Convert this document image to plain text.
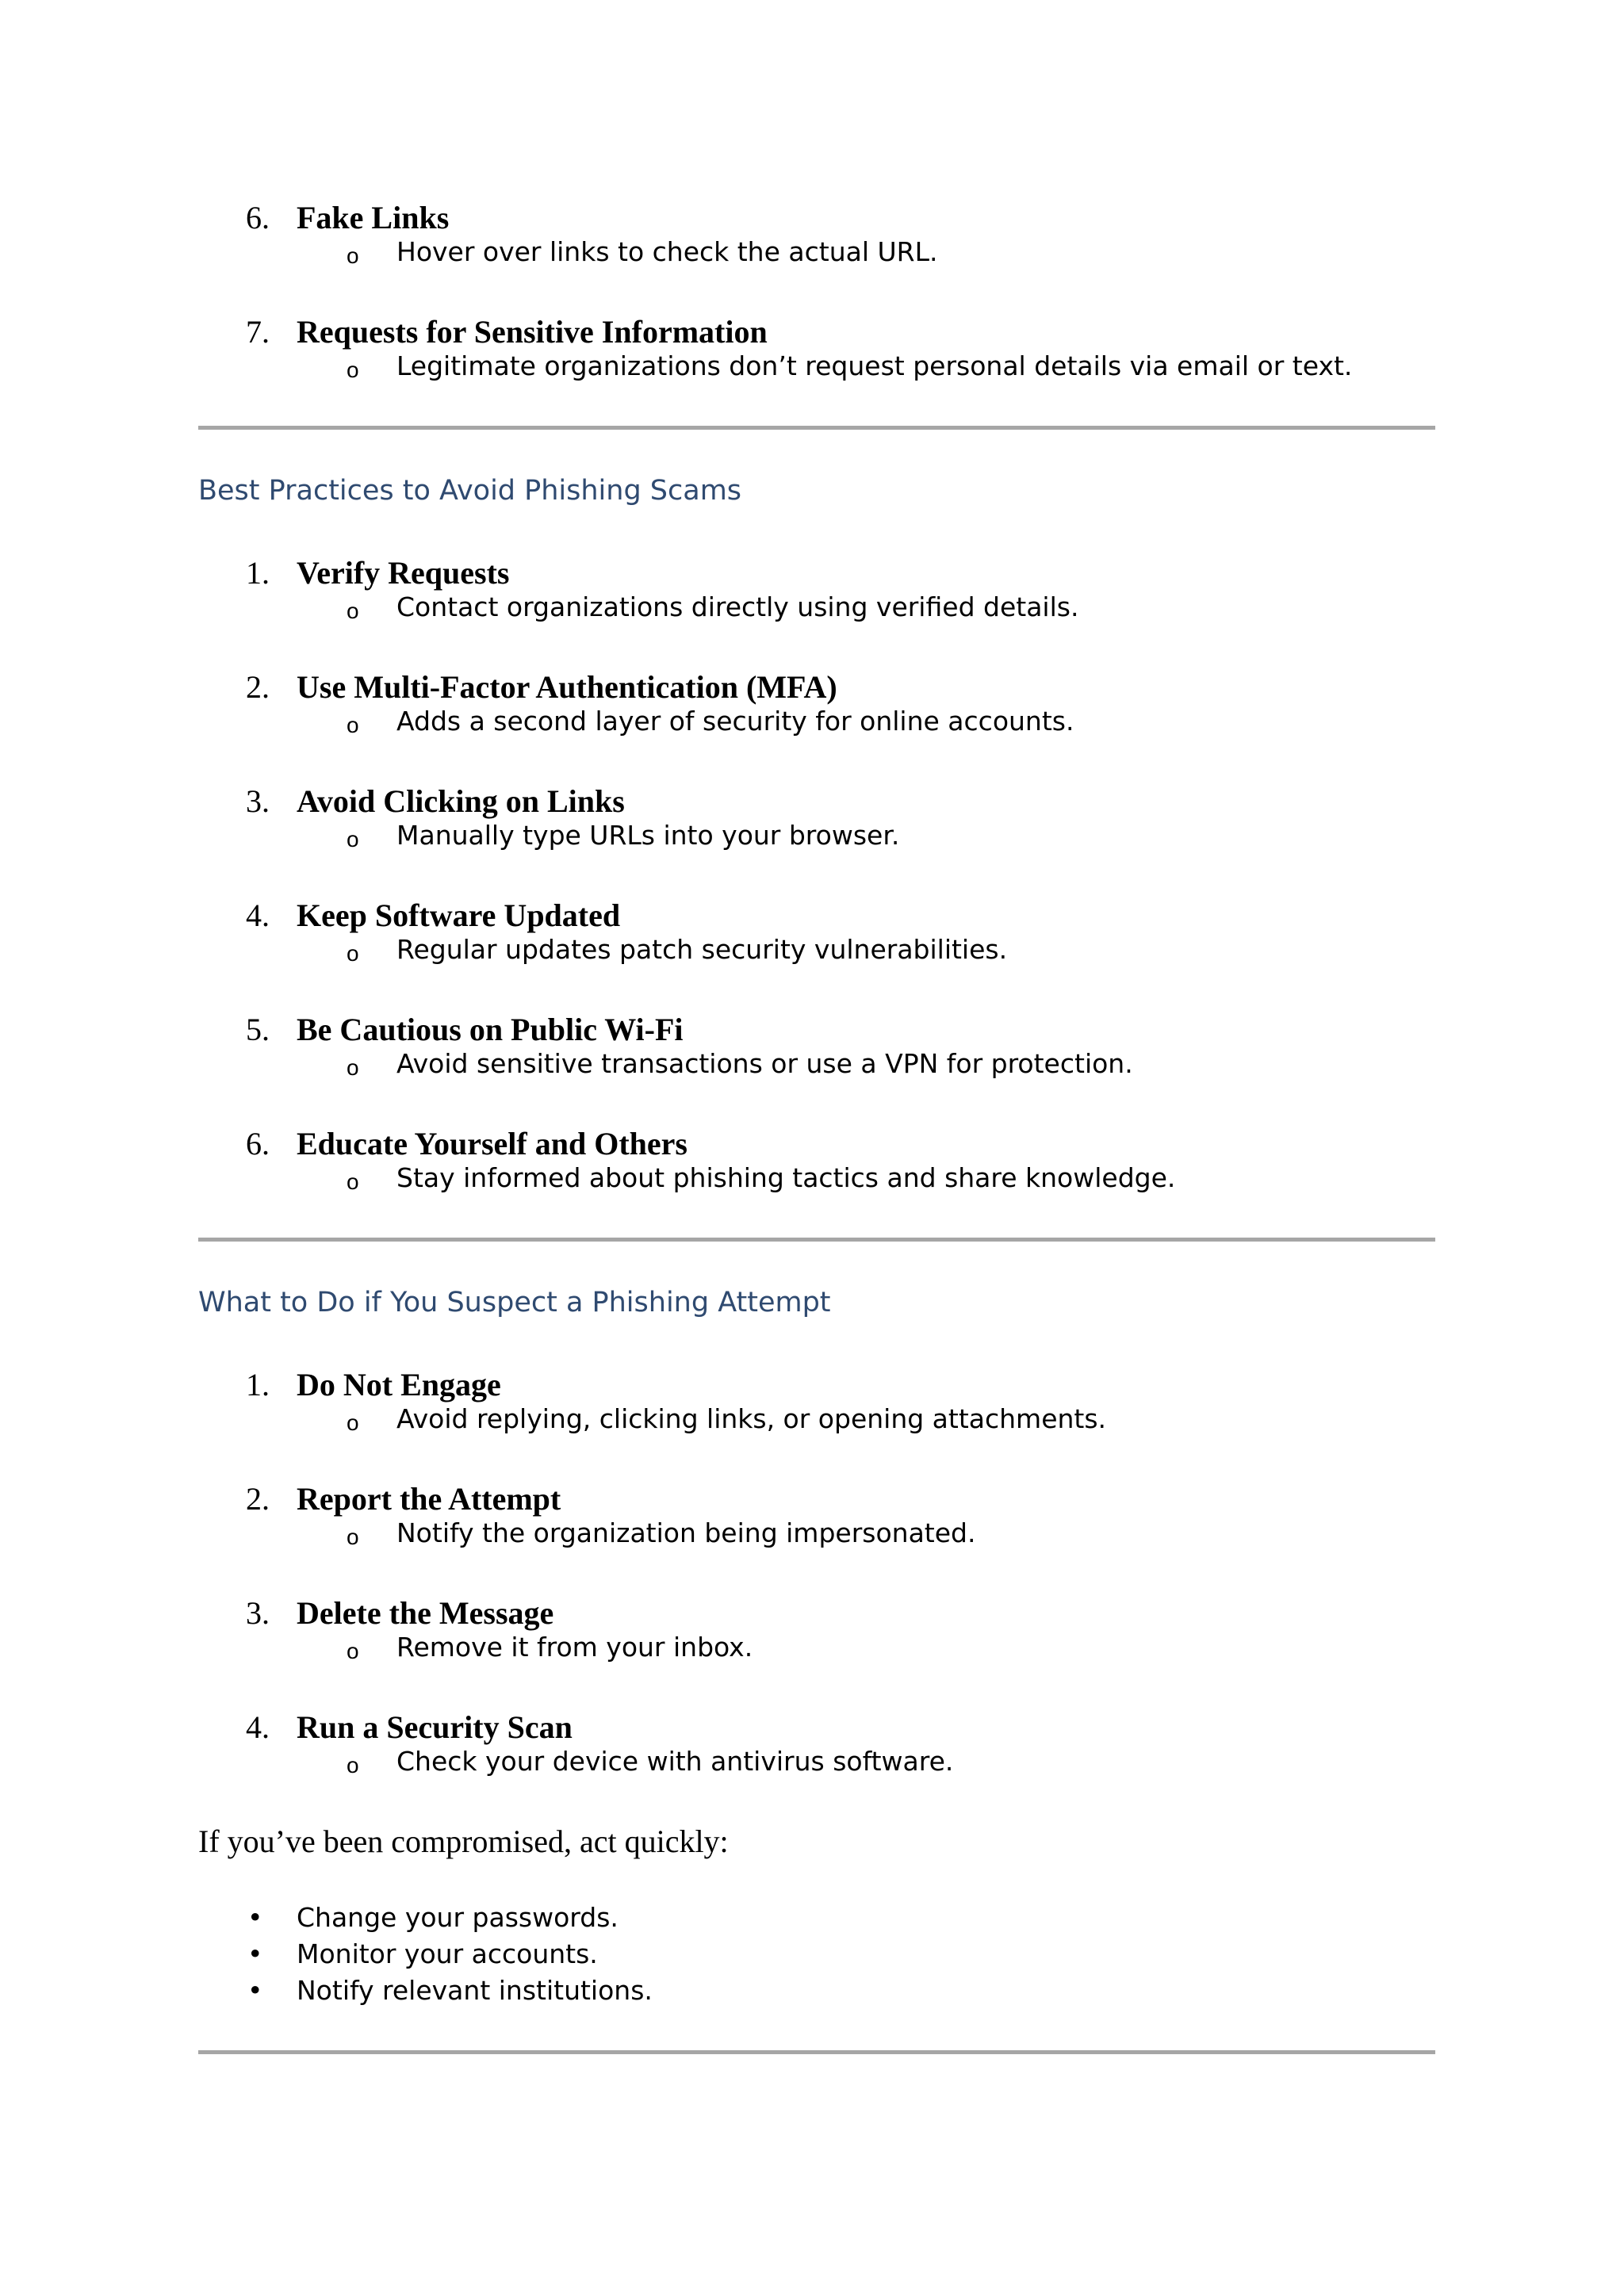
6. Fake Links
o Hover over links to check the actual URL.
7. Requests for Sensitive Information
o Legitimate organizations don’t request personal details via email or text.
Best Practices to Avoid Phishing Scams
1. Verify Requests
o Contact organizations directly using verified details.
2. Use Multi-Factor Authentication (MFA)
o Adds a second layer of security for online accounts.
3. Avoid Clicking on Links
o Manually type URLs into your browser.
4. Keep Software Updated
o Regular updates patch security vulnerabilities.
5. Be Cautious on Public Wi-Fi
o Avoid sensitive transactions or use a VPN for protection.
6. Educate Yourself and Others
o Stay informed about phishing tactics and share knowledge.
What to Do if You Suspect a Phishing Attempt
1. Do Not Engage
o Avoid replying, clicking links, or opening attachments.
2. Report the Attempt
o Notify the organization being impersonated.
3. Delete the Message
o Remove it from your inbox.
4. Run a Security Scan
o Check your device with antivirus software.
If you’ve been compromised, act quickly:
• Change your passwords.
• Monitor your accounts.
• Notify relevant institutions.
